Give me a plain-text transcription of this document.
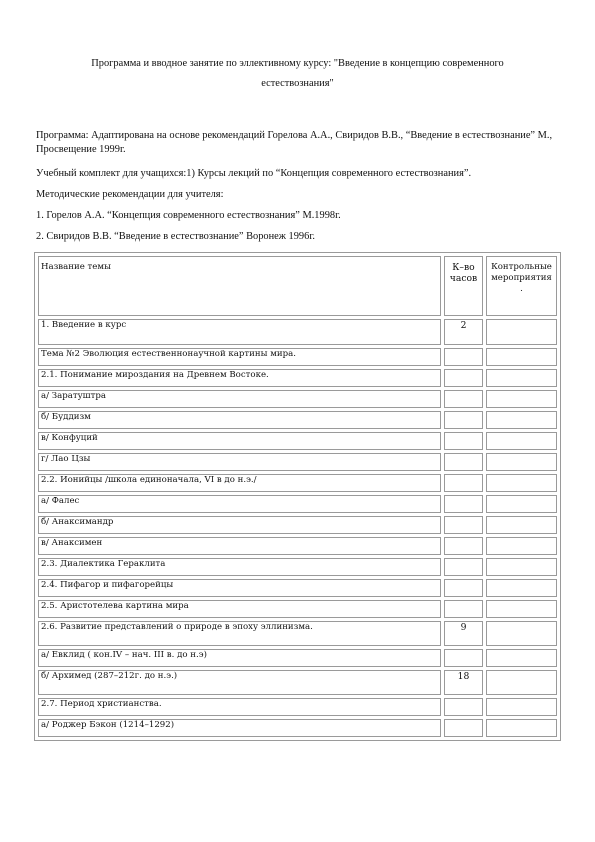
Программа и вводное занятие по эллективному курсу: "Введение в концепцию современного
естествознания"
Программа: Адаптирована на основе рекомендаций Горелова А.А., Свиридов В.В., “Введение в естествознание” М., Просвещение 1999г.
Учебный комплект для учащихся:1) Курсы лекций по “Концепция современного естествознания”.
Методические рекомендации для учителя:
1. Горелов А.А. “Концепция современного естествознания” М.1998г.
2. Свиридов В.В. “Введение в естествознание” Воронеж 1996г.
Название темы	К–во часов	Контрольные мероприятия .
1. Введение в курс	2	
Тема №2 Эволюция естественнонаучной картины мира.		
2.1. Понимание мироздания на Древнем Востоке.		
а/ Заратуштра		
б/ Буддизм		
в/ Конфуций		
г/ Лао Цзы		
2.2. Ионийцы /школа единоначала, VI в до н.э./		
а/ Фалес		
б/ Анаксимандр		
в/ Анаксимен		
2.3. Диалектика Гераклита		
2.4. Пифагор и пифагорейцы		
2.5. Аристотелева картина мира		
2.6. Развитие представлений о природе в эпоху эллинизма.	9	
а/ Евклид ( кон.IV – нач. III в. до н.э)		
б/ Архимед (287–212г. до н.э.)	18	
2.7. Период христианства.		
а/ Роджер Бэкон (1214–1292)		
